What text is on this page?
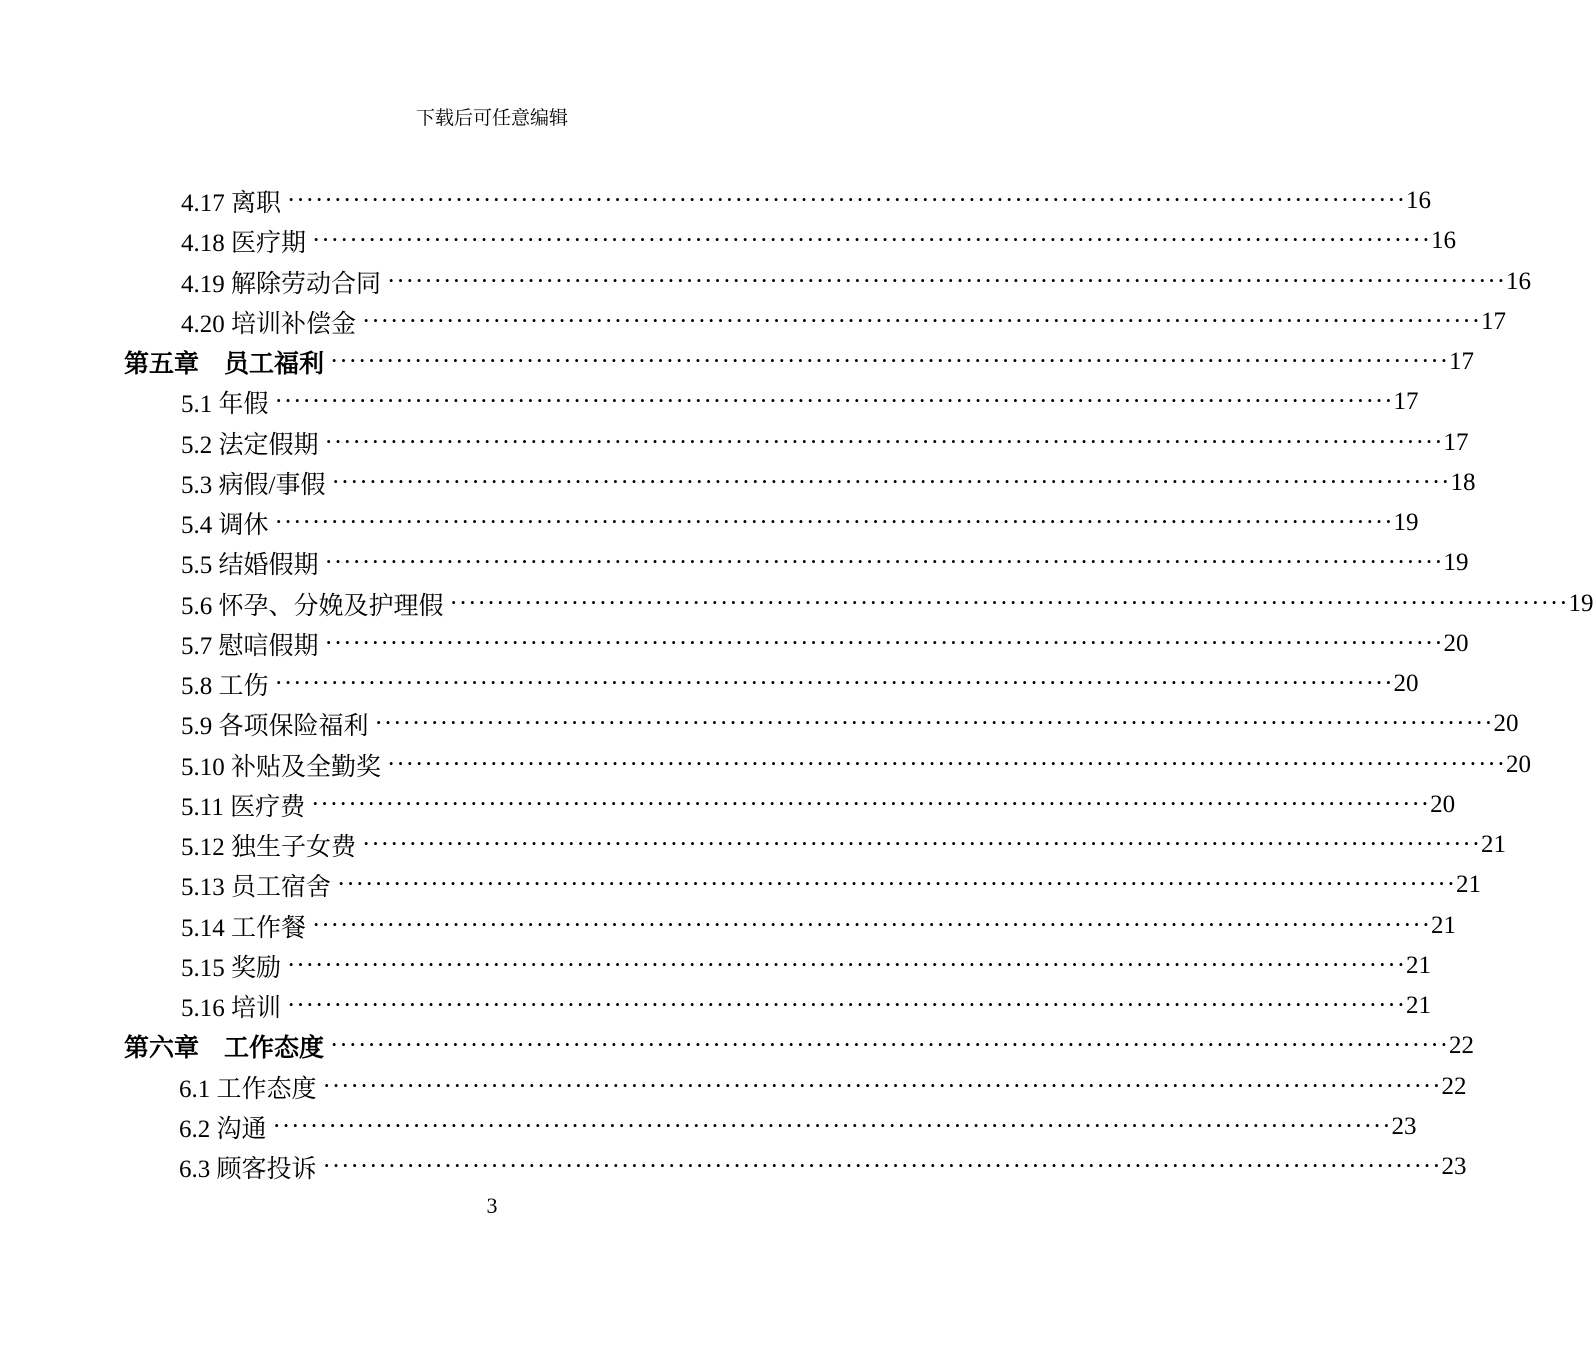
下载后可任意编辑
4.17 离职 ························································································································ 16
4.18 医疗期 ························································································································ 16
4.19 解除劳动合同 ························································································································ 16
4.20 培训补偿金 ························································································································ 17
第五章　员工福利 ························································································································ 17
5.1 年假 ························································································································ 17
5.2 法定假期 ························································································································ 17
5.3 病假/事假 ························································································································ 18
5.4 调休 ························································································································ 19
5.5 结婚假期 ························································································································ 19
5.6 怀孕、分娩及护理假 ························································································································ 19
5.7 慰唁假期 ························································································································ 20
5.8 工伤 ························································································································ 20
5.9 各项保险福利 ························································································································ 20
5.10 补贴及全勤奖 ························································································································ 20
5.11 医疗费 ························································································································ 20
5.12 独生子女费 ························································································································ 21
5.13 员工宿舍 ························································································································ 21
5.14 工作餐 ························································································································ 21
5.15 奖励 ························································································································ 21
5.16 培训 ························································································································ 21
第六章　工作态度 ························································································································ 22
6.1 工作态度 ························································································································ 22
6.2 沟通 ························································································································ 23
6.3 顾客投诉 ························································································································ 23
3
